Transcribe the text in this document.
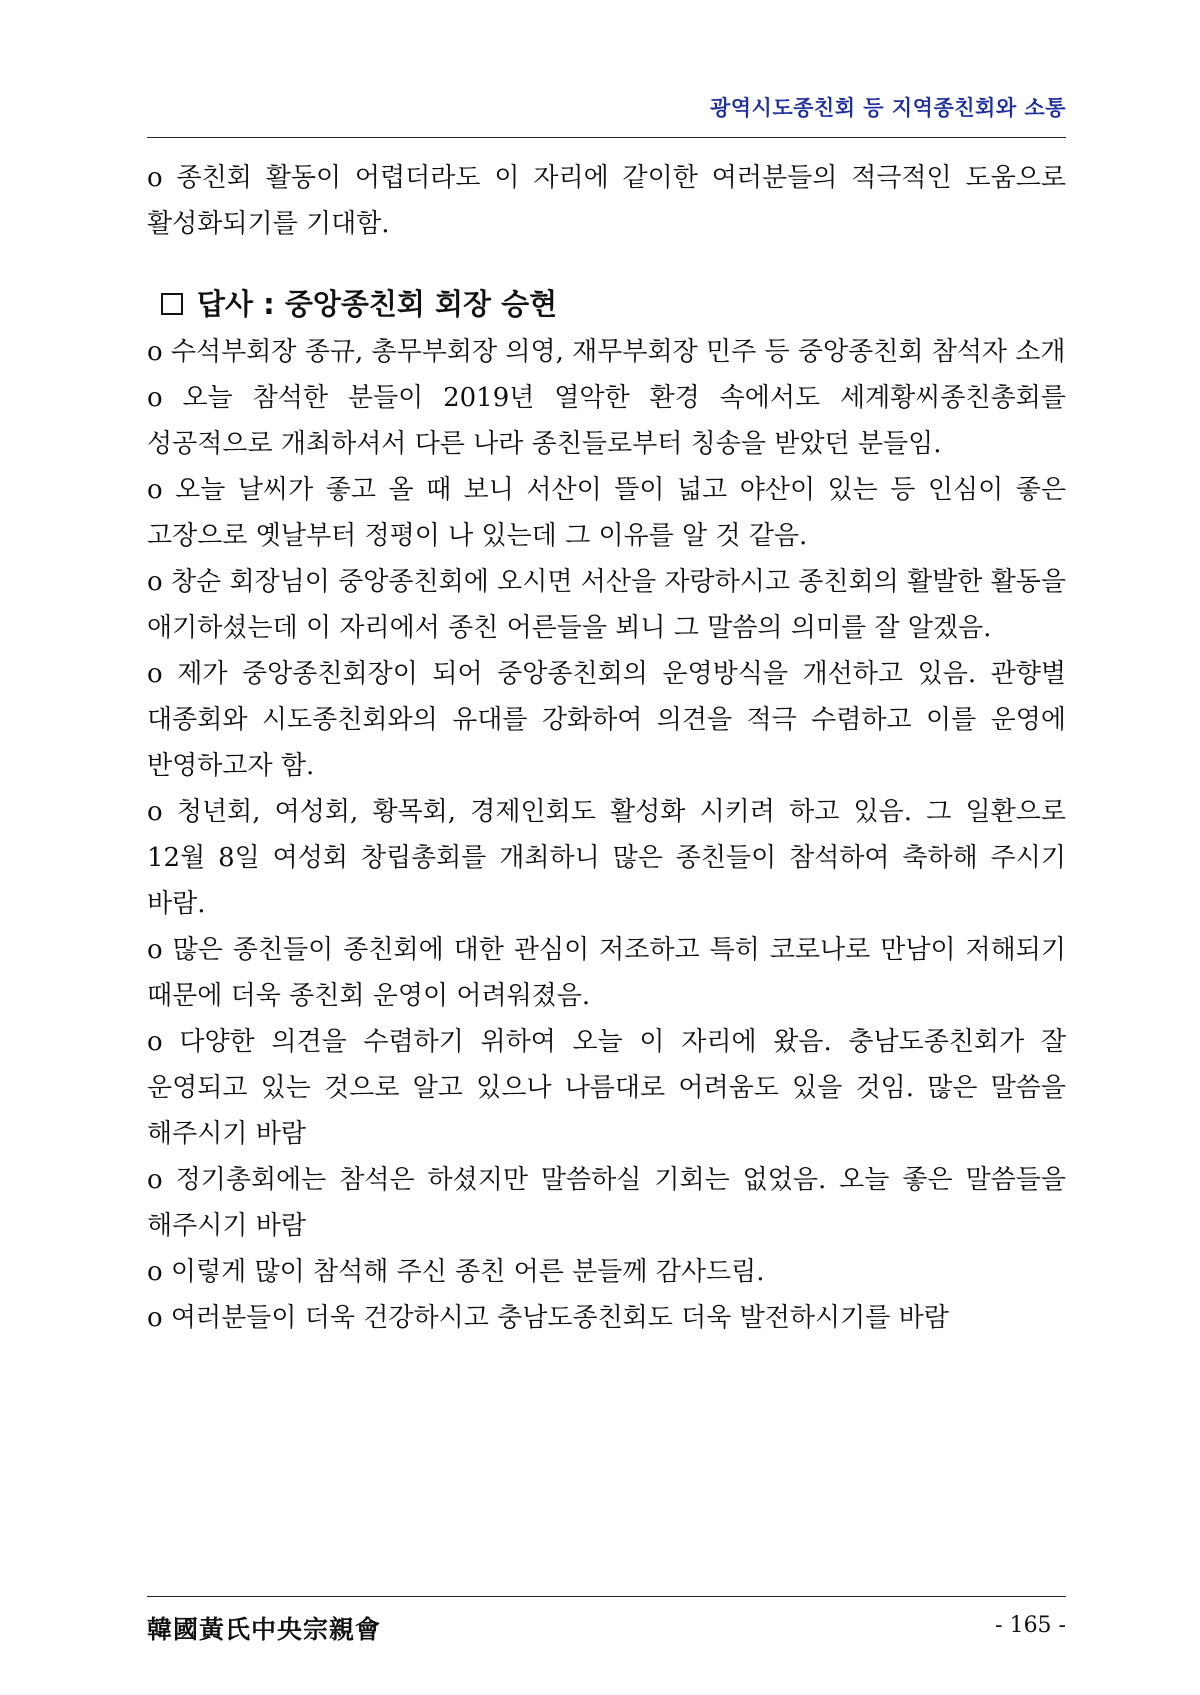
광역시도종친회 등 지역종친회와 소통

o 종친회 활동이 어렵더라도 이 자리에 같이한 여러분들의 적극적인 도움으로 활성화되기를 기대함.

답사 : 중앙종친회 회장 승현

o 수석부회장 종규, 총무부회장 의영, 재무부회장 민주 등 중앙종친회 참석자 소개

o 오늘 참석한 분들이 2019년 열악한 환경 속에서도 세계황씨종친총회를 성공적으로 개최하셔서 다른 나라 종친들로부터 칭송을 받았던 분들임.

o 오늘 날씨가 좋고 올 때 보니 서산이 뜰이 넓고 야산이 있는 등 인심이 좋은 고장으로 옛날부터 정평이 나 있는데 그 이유를 알 것 같음.

o 창순 회장님이 중앙종친회에 오시면 서산을 자랑하시고 종친회의 활발한 활동을 애기하셨는데 이 자리에서 종친 어른들을 뵈니 그 말씀의 의미를 잘 알겠음.

o 제가 중앙종친회장이 되어 중앙종친회의 운영방식을 개선하고 있음. 관향별 대종회와 시도종친회와의 유대를 강화하여 의견을 적극 수렴하고 이를 운영에 반영하고자 함.

o 청년회, 여성회, 황목회, 경제인회도 활성화 시키려 하고 있음. 그 일환으로 12월 8일 여성회 창립총회를 개최하니 많은 종친들이 참석하여 축하해 주시기 바람.

o 많은 종친들이 종친회에 대한 관심이 저조하고 특히 코로나로 만남이 저해되기 때문에 더욱 종친회 운영이 어려워졌음.

o 다양한 의견을 수렴하기 위하여 오늘 이 자리에 왔음. 충남도종친회가 잘 운영되고 있는 것으로 알고 있으나 나름대로 어려움도 있을 것임. 많은 말씀을 해주시기 바람

o 정기총회에는 참석은 하셨지만 말씀하실 기회는 없었음. 오늘 좋은 말씀들을 해주시기 바람

o 이렇게 많이 참석해 주신 종친 어른 분들께 감사드림.

o 여러분들이 더욱 건강하시고 충남도종친회도 더욱 발전하시기를 바람

韓國黃氏中央宗親會	- 165 -
